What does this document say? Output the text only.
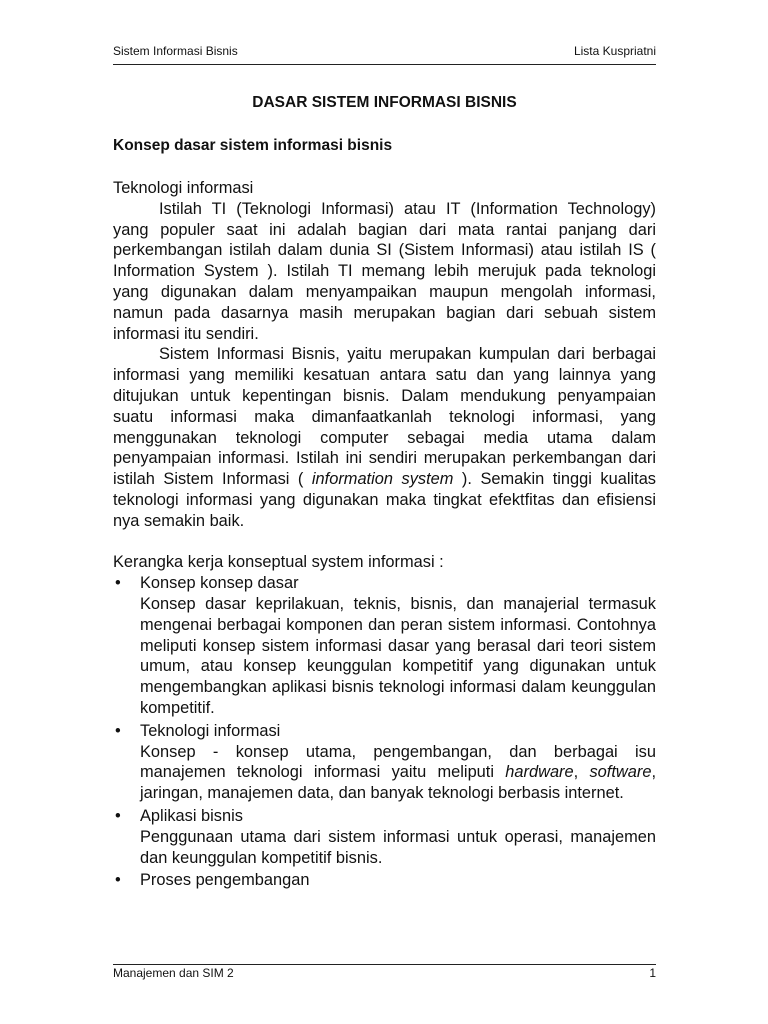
Sistem Informasi Bisnis	Lista Kuspriatni
DASAR SISTEM INFORMASI BISNIS
Konsep dasar sistem informasi bisnis

Teknologi informasi

Istilah TI (Teknologi Informasi) atau IT (Information Technology) yang populer saat ini adalah bagian dari mata rantai panjang dari perkembangan istilah dalam dunia SI (Sistem Informasi) atau istilah IS ( Information System ). Istilah TI memang lebih merujuk pada teknologi yang digunakan dalam menyampaikan maupun mengolah informasi, namun pada dasarnya masih merupakan bagian dari sebuah sistem informasi itu sendiri.

Sistem Informasi Bisnis, yaitu merupakan kumpulan dari berbagai informasi yang memiliki kesatuan antara satu dan yang lainnya yang ditujukan untuk kepentingan bisnis. Dalam mendukung penyampaian suatu informasi maka dimanfaatkanlah teknologi informasi, yang menggunakan teknologi computer sebagai media utama dalam penyampaian informasi. Istilah ini sendiri merupakan perkembangan dari istilah Sistem Informasi ( information system ). Semakin tinggi kualitas teknologi informasi yang digunakan maka tingkat efektfitas dan efisiensi nya semakin baik.

Kerangka kerja konseptual system informasi :

• Konsep konsep dasar
Konsep dasar keprilakuan, teknis, bisnis, dan manajerial termasuk mengenai berbagai komponen dan peran sistem informasi. Contohnya meliputi konsep sistem informasi dasar yang berasal dari teori sistem umum, atau konsep keunggulan kompetitif yang digunakan untuk mengembangkan aplikasi bisnis teknologi informasi dalam keunggulan kompetitif.
• Teknologi informasi
Konsep - konsep utama, pengembangan, dan berbagai isu manajemen teknologi informasi yaitu meliputi hardware, software, jaringan, manajemen data, dan banyak teknologi berbasis internet.
• Aplikasi bisnis
Penggunaan utama dari sistem informasi untuk operasi, manajemen dan keunggulan kompetitif bisnis.
• Proses pengembangan
Manajemen dan SIM 2	1
